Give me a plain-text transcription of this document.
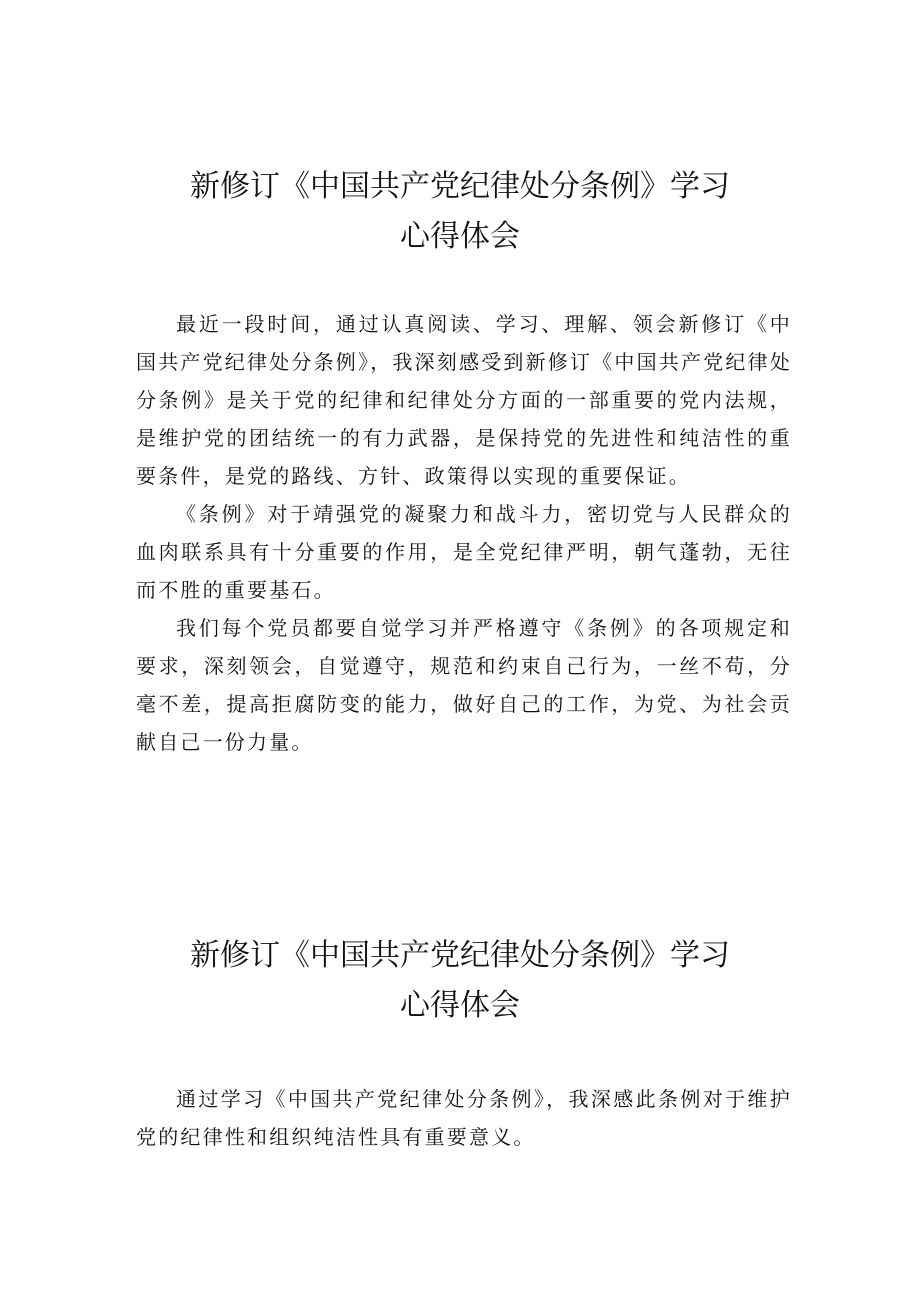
新修订《中国共产党纪律处分条例》学习
心得体会

最近一段时间，通过认真阅读、学习、理解、领会新修订《中国共产党纪律处分条例》，我深刻感受到新修订《中国共产党纪律处分条例》是关于党的纪律和纪律处分方面的一部重要的党内法规，是维护党的团结统一的有力武器，是保持党的先进性和纯洁性的重要条件，是党的路线、方针、政策得以实现的重要保证。

《条例》对于靖强党的凝聚力和战斗力，密切党与人民群众的血肉联系具有十分重要的作用，是全党纪律严明，朝气蓬勃，无往而不胜的重要基石。

我们每个党员都要自觉学习并严格遵守《条例》的各项规定和要求，深刻领会，自觉遵守，规范和约束自己行为，一丝不苟，分毫不差，提高拒腐防变的能力，做好自己的工作，为党、为社会贡献自己一份力量。

新修订《中国共产党纪律处分条例》学习
心得体会

通过学习《中国共产党纪律处分条例》，我深感此条例对于维护党的纪律性和组织纯洁性具有重要意义。
